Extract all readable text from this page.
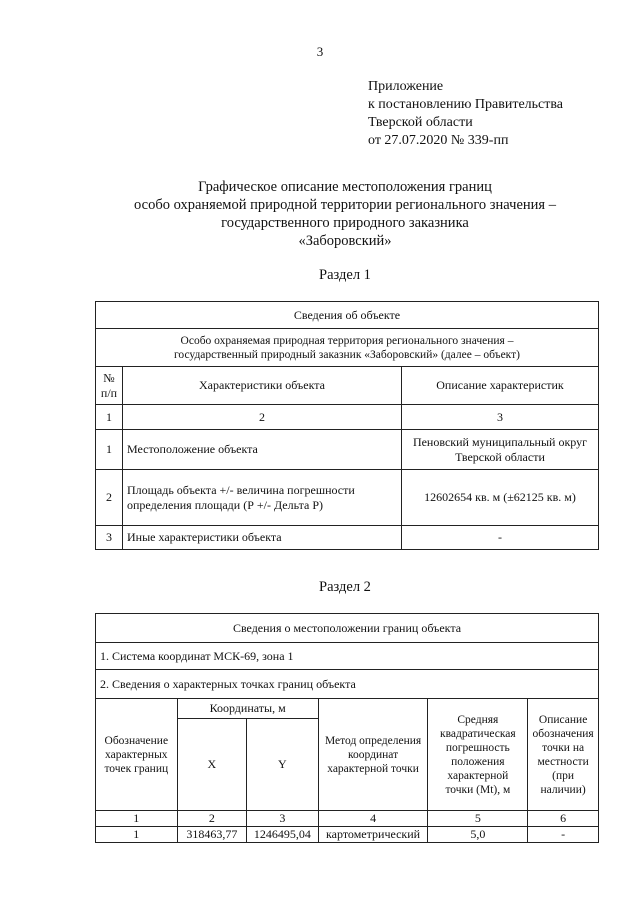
3
Приложение
к постановлению Правительства
Тверской области
от 27.07.2020 № 339-пп
Графическое описание местоположения границ
особо охраняемой природной территории регионального значения –
государственного природного заказника
«Заборовский»
Раздел 1
Сведения об объекте		

Особо охраняемая природная территория регионального значения –
государственный природный заказник «Заборовский» (далее – объект)		

№ п/п	Характеристики объекта	Описание характеристик
1	2	3
1	Местоположение объекта	Пеновский муниципальный округ Тверской области
2	Площадь объекта +/- величина погрешности определения площади (Р +/- Дельта Р)	12602654 кв. м (±62125 кв. м)
3	Иные характеристики объекта	-
Раздел 2
Сведения о местоположении границ объекта					
1. Система координат МСК-69, зона 1					
2. Сведения о характерных точках границ объекта					
Обозначение характерных точек границ	Координаты, м		Метод определения координат характерной точки	Средняя квадратическая погрешность положения характерной точки (Mt), м	Описание обозначения точки на местности (при наличии)
	X	Y			
1	2	3	4	5	6
1	318463,77	1246495,04	картометрический	5,0	-
